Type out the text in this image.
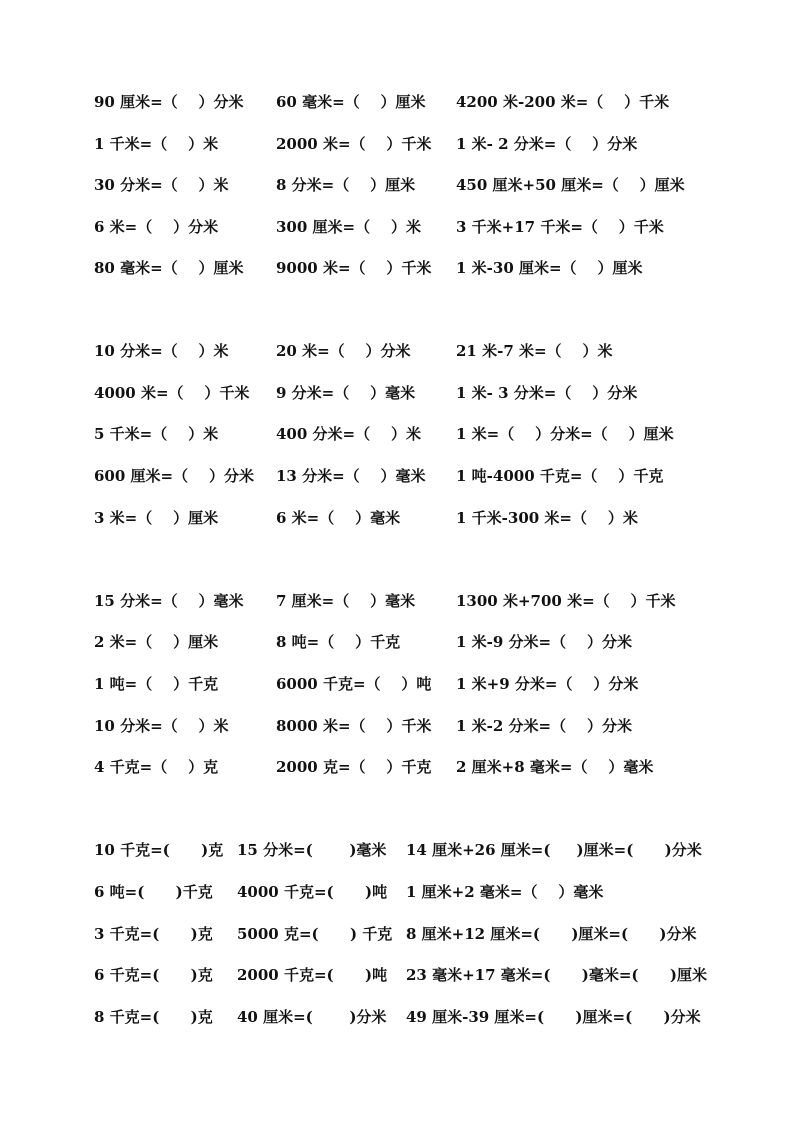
90 厘米=（    ）分米 60 毫米=（    ）厘米 4200 米-200 米=（    ）千米
1 千米=（    ）米	2000 米=（    ）千米 1 米- 2 分米=（    ）分米
30 分米=（    ）米	8 分米=（    ）厘米	450 厘米+50 厘米=（    ）厘米
6 米=（    ）分米	300 厘米=（    ）米 3 千米+17 千米=（    ）千米
80 毫米=（    ）厘米 9000 米=（    ）千米 1 米-30 厘米=（    ）厘米
10 分米=（    ）米	20 米=（    ）分米	21 米-7 米=（    ）米
4000 米=（    ）千米 9 分米=（    ）毫米	1 米- 3 分米=（    ）分米
5 千米=（    ）米	400 分米=（    ）米 1 米=（    ）分米=（    ）厘米
600 厘米=（    ）分米 13 分米=（    ）毫米 1 吨-4000 千克=（    ）千克
3 米=（    ）厘米	6 米=（    ）毫米	1 千米-300 米=（    ）米
15 分米=（    ）毫米 7 厘米=（    ）毫米	1300 米+700 米=（    ）千米
2 米=（    ）厘米	8 吨=（    ）千克	1 米-9 分米=（    ）分米
1 吨=（    ）千克	6000 千克=（    ）吨 1 米+9 分米=（    ）分米
10 分米=（    ）米	8000 米=（    ）千米 1 米-2 分米=（    ）分米
4 千克=（    ）克	2000 克=（    ）千克 2 厘米+8 毫米=（    ）毫米
10 千克=(      )克 15 分米=(       )毫米 14 厘米+26 厘米=(     )厘米=(      )分米
6 吨=(      )千克 4000 千克=(      )吨 1 厘米+2 毫米=（    ）毫米
3 千克=(      )克 5000 克=(      ) 千克 8 厘米+12 厘米=(      )厘米=(      )分米
6 千克=(      )克 2000 千克=(      )吨 23 毫米+17 毫米=(      )毫米=(      )厘米
8 千克=(      )克 40 厘米=(       )分米 49 厘米-39 厘米=(      )厘米=(      )分米
